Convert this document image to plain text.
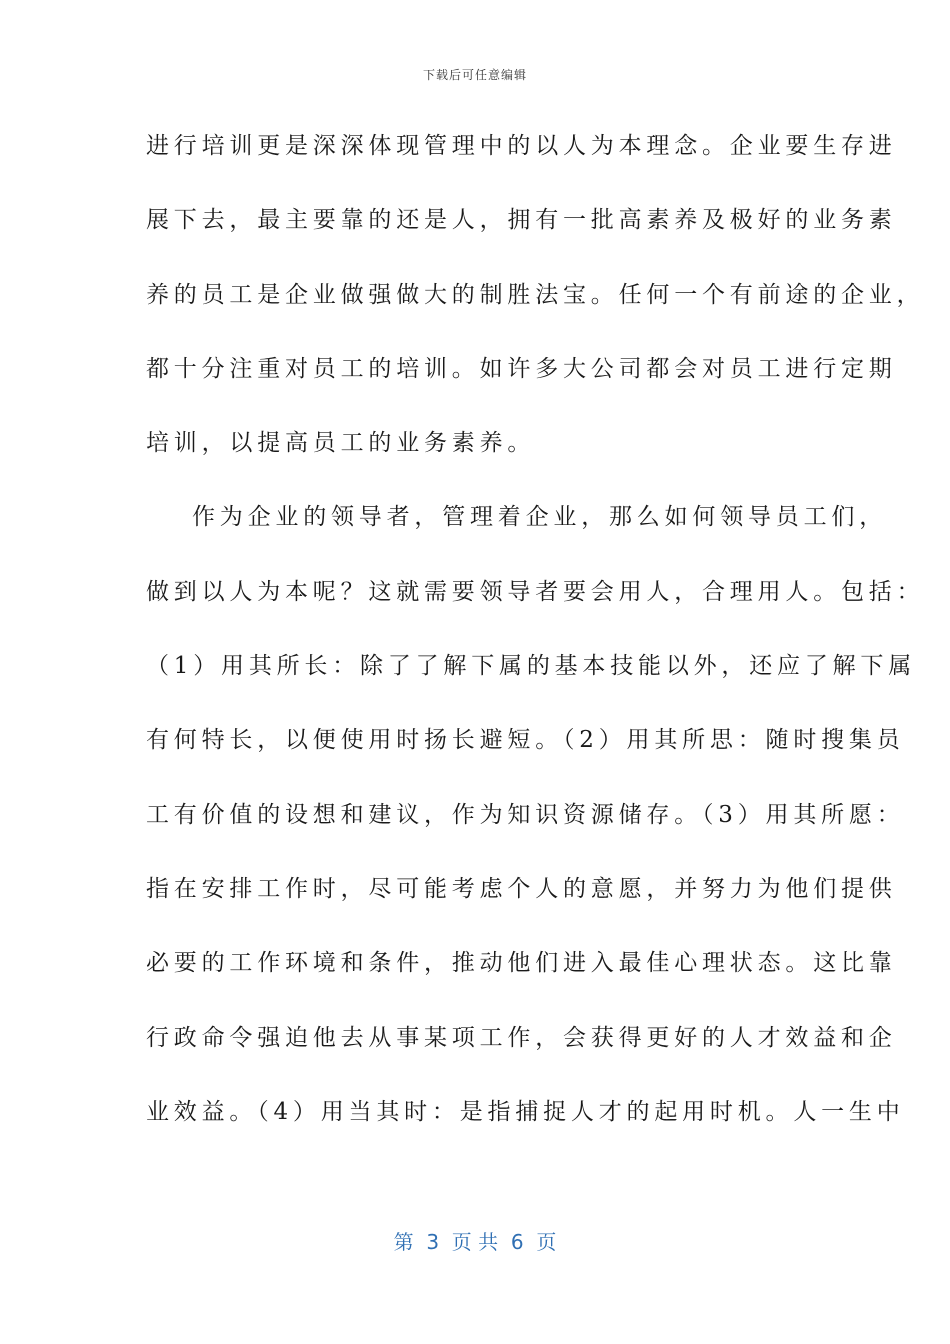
下载后可任意编辑
进行培训更是深深体现管理中的以人为本理念。企业要生存进
展下去，最主要靠的还是人，拥有一批高素养及极好的业务素
养的员工是企业做强做大的制胜法宝。任何一个有前途的企业，
都十分注重对员工的培训。如许多大公司都会对员工进行定期
培训，以提高员工的业务素养。
作为企业的领导者，管理着企业，那么如何领导员工们，
做到以人为本呢？这就需要领导者要会用人，合理用人。包括：
（1）用其所长：除了了解下属的基本技能以外，还应了解下属
有何特长，以便使用时扬长避短。（2）用其所思：随时搜集员
工有价值的设想和建议，作为知识资源储存。（3）用其所愿：
指在安排工作时，尽可能考虑个人的意愿，并努力为他们提供
必要的工作环境和条件，推动他们进入最佳心理状态。这比靠
行政命令强迫他去从事某项工作，会获得更好的人才效益和企
业效益。（4）用当其时：是指捕捉人才的起用时机。人一生中
第  3  页 共  6  页
